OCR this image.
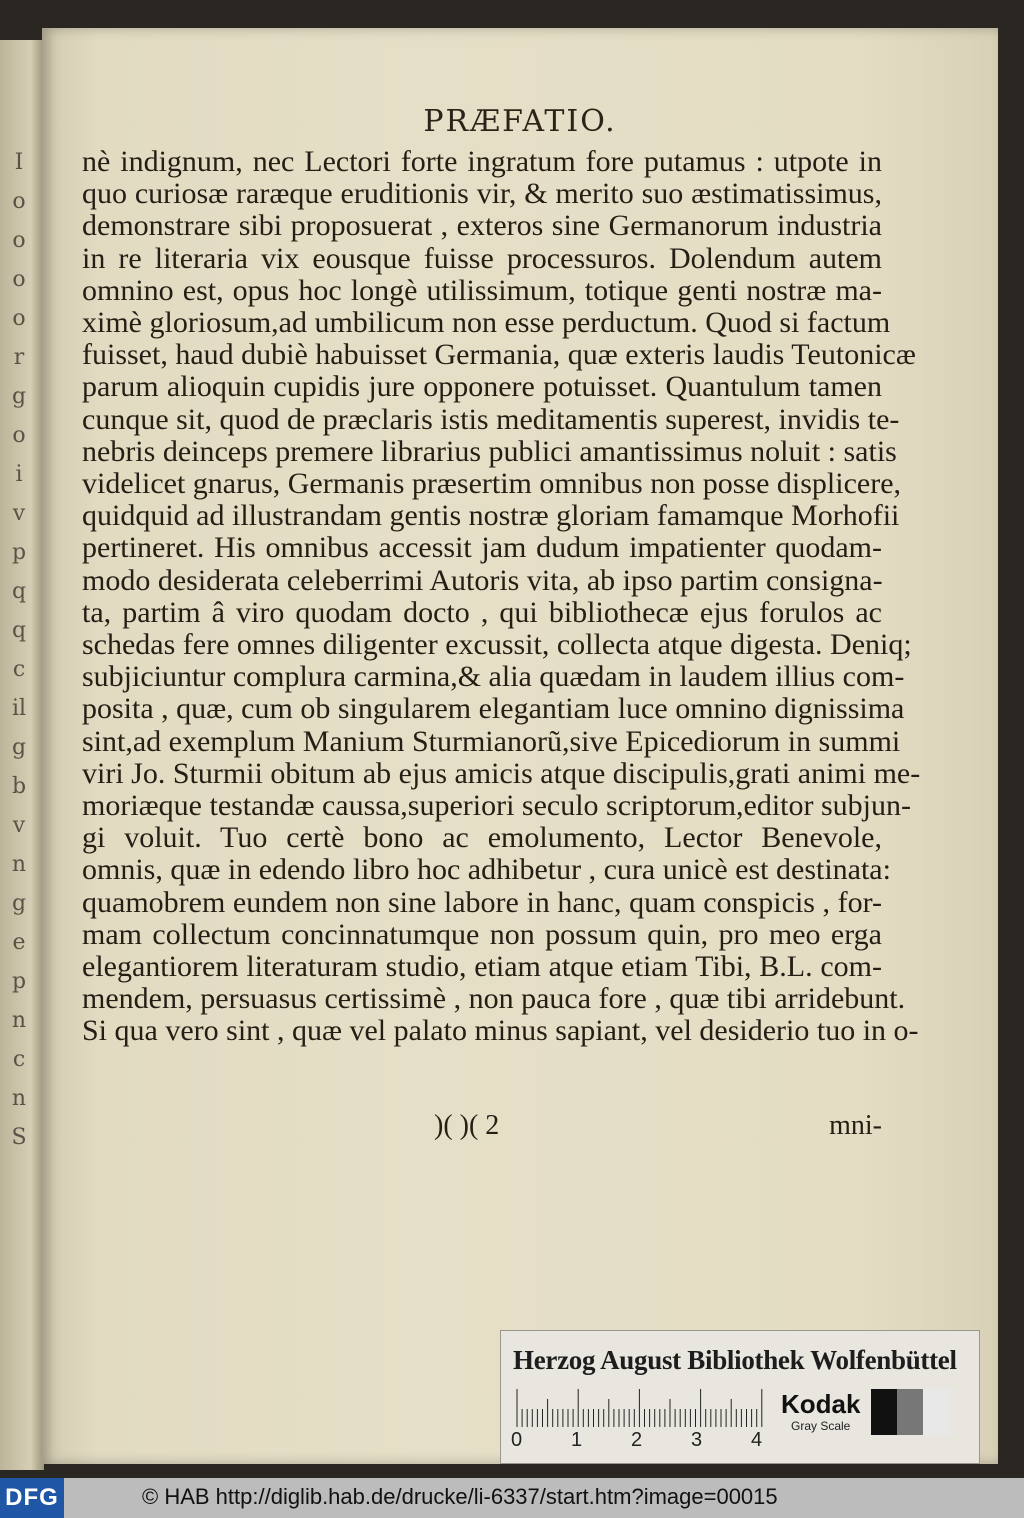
I
o
o
o
o
r
g
o
i
v
p
q
q
c
il
g
b
v
n
g
e
p
n
c
n
S
PRÆFATIO.
nè indignum, nec Lectori forte ingratum fore putamus : utpote in
quo curiosæ raræque eruditionis vir, & merito suo æstimatissimus,
demonstrare sibi proposuerat , exteros sine Germanorum industria
in re literaria vix eousque fuisse processuros. Dolendum autem
omnino est, opus hoc longè utilissimum, totique genti nostræ ma-
ximè gloriosum,ad umbilicum non esse perductum. Quod si factum
fuisset, haud dubiè habuisset Germania, quæ exteris laudis Teutonicæ
parum alioquin cupidis jure opponere potuisset. Quantulum tamen
cunque sit, quod de præclaris istis meditamentis superest, invidis te-
nebris deinceps premere librarius publici amantissimus noluit : satis
videlicet gnarus, Germanis præsertim omnibus non posse displicere,
quidquid ad illustrandam gentis nostræ gloriam famamque Morhofii
pertineret. His omnibus accessit jam dudum impatienter quodam-
modo desiderata celeberrimi Autoris vita, ab ipso partim consigna-
ta, partim â viro quodam docto , qui bibliothecæ ejus forulos ac
schedas fere omnes diligenter excussit, collecta atque digesta. Deniq;
subjiciuntur complura carmina,& alia quædam in laudem illius com-
posita , quæ, cum ob singularem elegantiam luce omnino dignissima
sint,ad exemplum Manium Sturmianorũ,sive Epicediorum in summi
viri Jo. Sturmii obitum ab ejus amicis atque discipulis,grati animi me-
moriæque testandæ caussa,superiori seculo scriptorum,editor subjun-
gi voluit. Tuo certè bono ac emolumento, Lector Benevole,
omnis, quæ in edendo libro hoc adhibetur , cura unicè est destinata:
quamobrem eundem non sine labore in hanc, quam conspicis , for-
mam collectum concinnatumque non possum quin, pro meo erga
elegantiorem literaturam studio, etiam atque etiam Tibi, B.L. com-
mendem, persuasus certissimè , non pauca fore , quæ tibi arridebunt.
Si qua vero sint , quæ vel palato minus sapiant, vel desiderio tuo in o-
)( )( 2	mni-
Herzog August Bibliothek Wolfenbüttel
0 1 2 3 4
Kodak
Gray Scale
DFG	© HAB http://diglib.hab.de/drucke/li-6337/start.htm?image=00015
